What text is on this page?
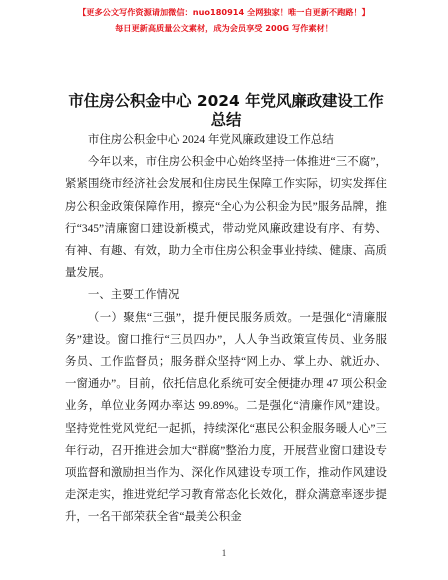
【更多公文写作资源请加微信：nuo180914 全网独家！唯一自更新不跑路！】
每日更新高质量公文素材，成为会员享受 200G 写作素材！
市住房公积金中心 2024 年党风廉政建设工作总结

市住房公积金中心 2024 年党风廉政建设工作总结

今年以来，市住房公积金中心始终坚持一体推进“三不腐”，紧紧围绕市经济社会发展和住房民生保障工作实际，切实发挥住房公积金政策保障作用，擦亮“全心为公积金为民”服务品牌，推行“345”清廉窗口建设新模式，带动党风廉政建设有序、有势、有神、有趣、有效，助力全市住房公积金事业持续、健康、高质量发展。

一、主要工作情况

（一）聚焦“三强”，提升便民服务质效。一是强化“清廉服务”建设。窗口推行“三员四办”，人人争当政策宣传员、业务服务员、工作监督员；服务群众坚持“网上办、掌上办、就近办、一窗通办”。目前，依托信息化系统可安全便捷办理 47 项公积金业务，单位业务网办率达 99.89%。二是强化“清廉作风”建设。坚持党性党风党纪一起抓，持续深化“惠民公积金服务暖人心”三年行动，召开推进会加大“群腐”整治力度，开展营业窗口建设专项监督和激励担当作为、深化作风建设专项工作，推动作风建设走深走实，推进党纪学习教育常态化长效化，群众满意率逐步提升，一名干部荣获全省“最美公积金

1
